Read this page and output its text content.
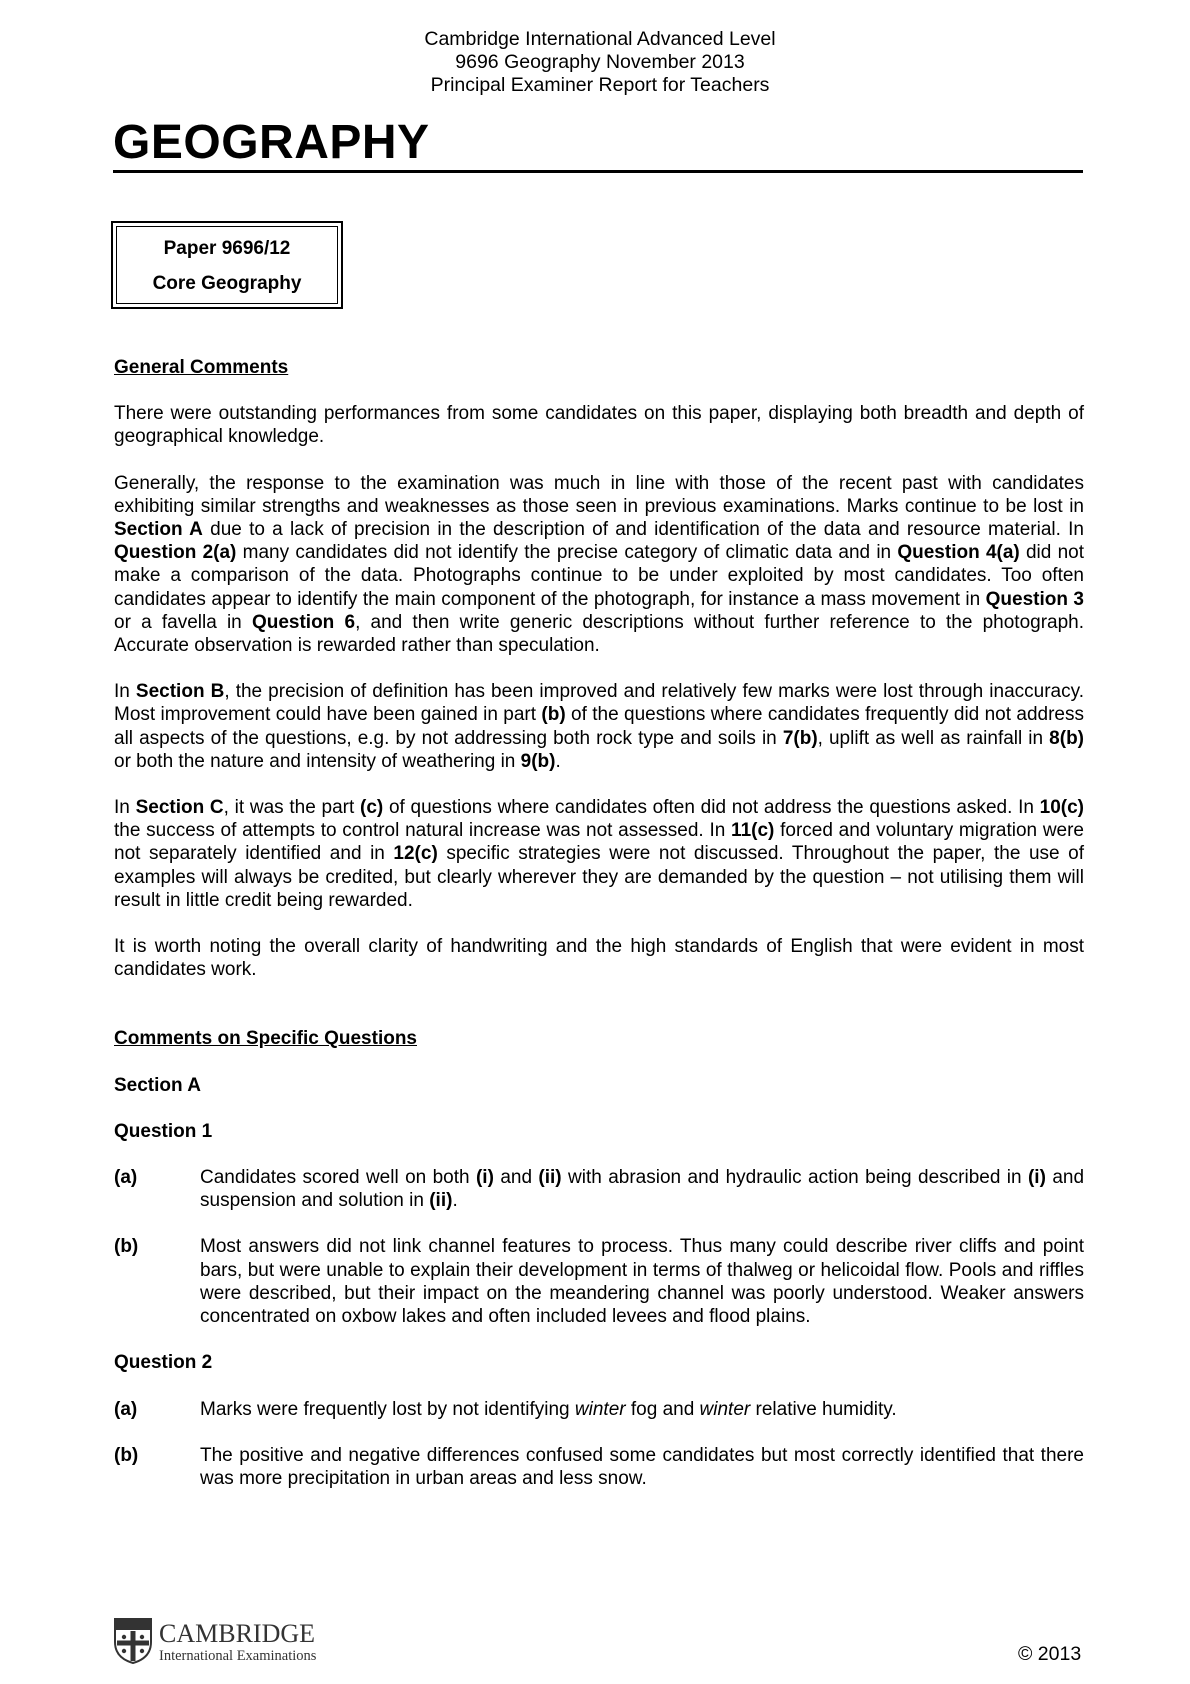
Cambridge International Advanced Level
9696 Geography November 2013
Principal Examiner Report for Teachers
GEOGRAPHY
Paper 9696/12
Core Geography
General Comments

There were outstanding performances from some candidates on this paper, displaying both breadth and depth of geographical knowledge.

Generally, the response to the examination was much in line with those of the recent past with candidates exhibiting similar strengths and weaknesses as those seen in previous examinations. Marks continue to be lost in Section A due to a lack of precision in the description of and identification of the data and resource material. In Question 2(a) many candidates did not identify the precise category of climatic data and in Question 4(a) did not make a comparison of the data. Photographs continue to be under exploited by most candidates. Too often candidates appear to identify the main component of the photograph, for instance a mass movement in Question 3 or a favella in Question 6, and then write generic descriptions without further reference to the photograph. Accurate observation is rewarded rather than speculation.

In Section B, the precision of definition has been improved and relatively few marks were lost through inaccuracy. Most improvement could have been gained in part (b) of the questions where candidates frequently did not address all aspects of the questions, e.g. by not addressing both rock type and soils in 7(b), uplift as well as rainfall in 8(b) or both the nature and intensity of weathering in 9(b).

In Section C, it was the part (c) of questions where candidates often did not address the questions asked. In 10(c) the success of attempts to control natural increase was not assessed. In 11(c) forced and voluntary migration were not separately identified and in 12(c) specific strategies were not discussed. Throughout the paper, the use of examples will always be credited, but clearly wherever they are demanded by the question – not utilising them will result in little credit being rewarded.

It is worth noting the overall clarity of handwriting and the high standards of English that were evident in most candidates work.

Comments on Specific Questions
Section A
Question 1
(a)	Candidates scored well on both (i) and (ii) with abrasion and hydraulic action being described in (i) and suspension and solution in (ii).
(b)	Most answers did not link channel features to process. Thus many could describe river cliffs and point bars, but were unable to explain their development in terms of thalweg or helicoidal flow. Pools and riffles were described, but their impact on the meandering channel was poorly understood. Weaker answers concentrated on oxbow lakes and often included levees and flood plains.
Question 2
(a)	Marks were frequently lost by not identifying winter fog and winter relative humidity.
(b)	The positive and negative differences confused some candidates but most correctly identified that there was more precipitation in urban areas and less snow.
CAMBRIDGE
International Examinations	© 2013
